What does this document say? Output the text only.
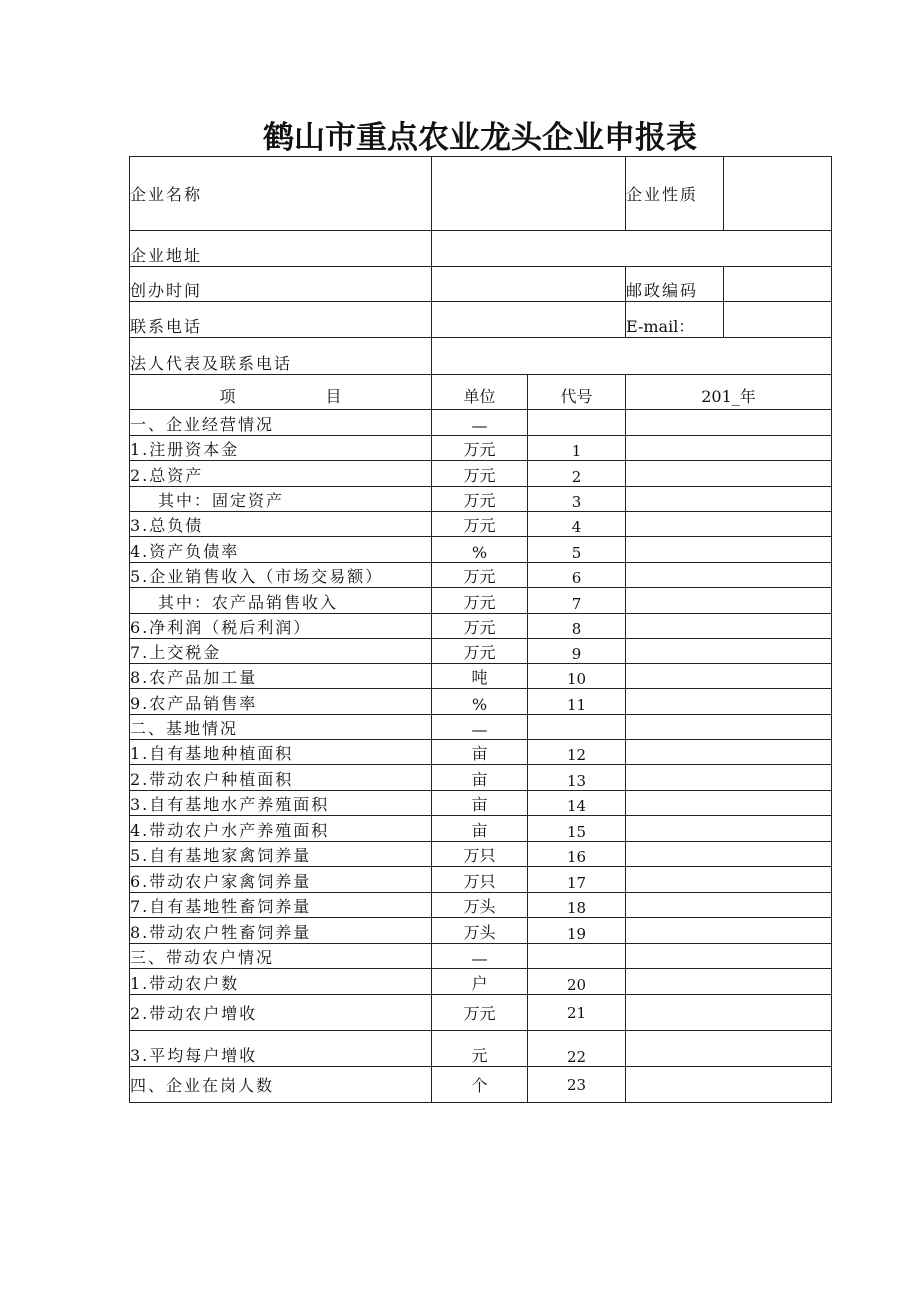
鹤山市重点农业龙头企业申报表
企业名称			企业性质	
企业地址				
创办时间			邮政编码	
联系电话			E-mail：	
法人代表及联系电话				
项 目	单位	代号	201_年	
一、企业经营情况	—			
1.注册资本金	万元	1		
2.总资产	万元	2		
其中：固定资产	万元	3		
3.总负债	万元	4		
4.资产负债率	%	5		
5.企业销售收入（市场交易额）	万元	6		
其中：农产品销售收入	万元	7		
6.净利润（税后利润）	万元	8		
7.上交税金	万元	9		
8.农产品加工量	吨	10		
9.农产品销售率	%	11		
二、基地情况	—			
1.自有基地种植面积	亩	12		
2.带动农户种植面积	亩	13		
3.自有基地水产养殖面积	亩	14		
4.带动农户水产养殖面积	亩	15		
5.自有基地家禽饲养量	万只	16		
6.带动农户家禽饲养量	万只	17		
7.自有基地牲畜饲养量	万头	18		
8.带动农户牲畜饲养量	万头	19		
三、带动农户情况	—			
1.带动农户数	户	20		
2.带动农户增收	万元	21		
3.平均每户增收	元	22		
四、企业在岗人数	个	23		
